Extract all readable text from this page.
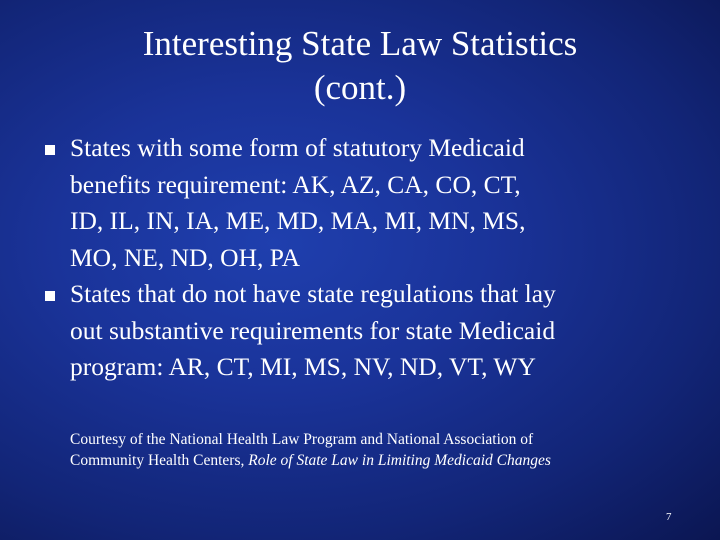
Interesting State Law Statistics
(cont.)
States with some form of statutory Medicaid
benefits requirement: AK, AZ, CA, CO, CT,
ID, IL, IN, IA, ME, MD, MA, MI, MN, MS,
MO, NE, ND, OH, PA
States that do not have state regulations that lay
out substantive requirements for state Medicaid
program: AR, CT, MI, MS, NV, ND, VT, WY

Courtesy of the National Health Law Program and National Association of
Community Health Centers, Role of State Law in Limiting Medicaid Changes

7
